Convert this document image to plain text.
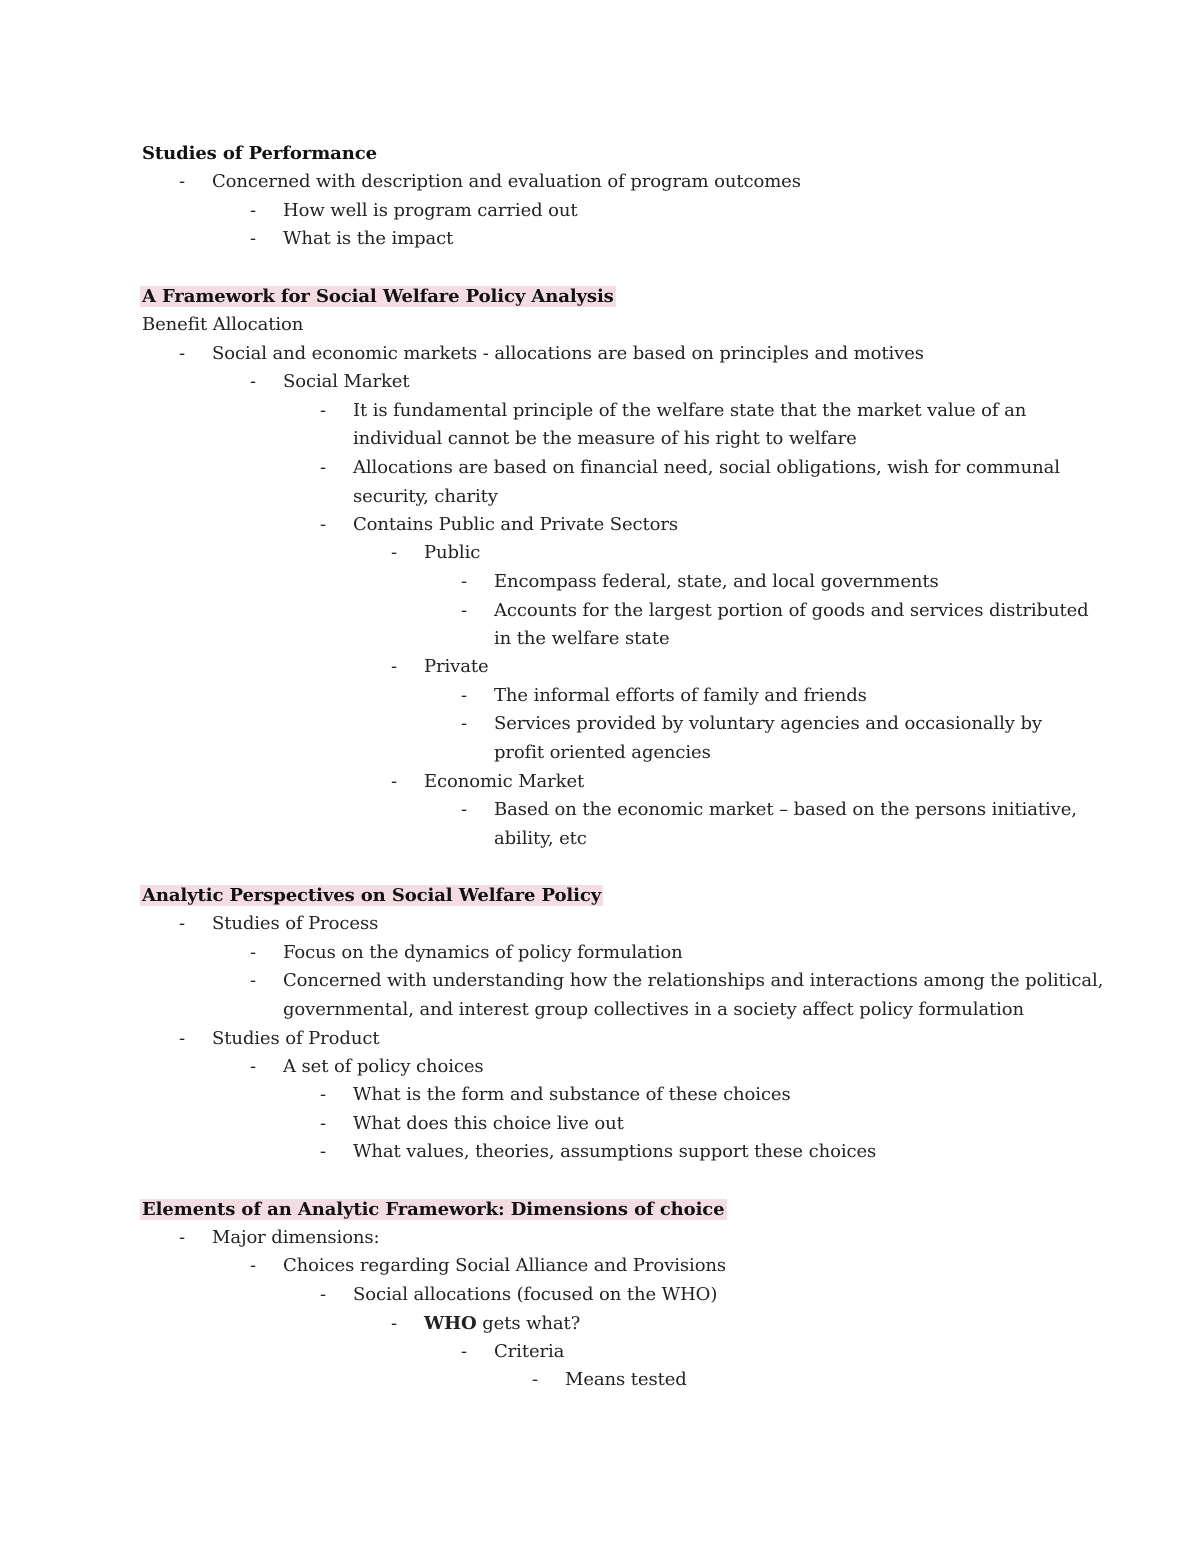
Studies of Performance
- Concerned with description and evaluation of program outcomes
- How well is program carried out
- What is the impact
A Framework for Social Welfare Policy Analysis
Benefit Allocation
- Social and economic markets - allocations are based on principles and motives
- Social Market
- It is fundamental principle of the welfare state that the market value of an
individual cannot be the measure of his right to welfare
- Allocations are based on financial need, social obligations, wish for communal
security, charity
- Contains Public and Private Sectors
- Public
- Encompass federal, state, and local governments
- Accounts for the largest portion of goods and services distributed
in the welfare state
- Private
- The informal efforts of family and friends
- Services provided by voluntary agencies and occasionally by
profit oriented agencies
- Economic Market
- Based on the economic market – based on the persons initiative,
ability, etc
Analytic Perspectives on Social Welfare Policy
- Studies of Process
- Focus on the dynamics of policy formulation
- Concerned with understanding how the relationships and interactions among the political,
governmental, and interest group collectives in a society affect policy formulation
- Studies of Product
- A set of policy choices
- What is the form and substance of these choices
- What does this choice live out
- What values, theories, assumptions support these choices
Elements of an Analytic Framework: Dimensions of choice
- Major dimensions:
- Choices regarding Social Alliance and Provisions
- Social allocations (focused on the WHO)
- WHO gets what?
- Criteria
- Means tested
